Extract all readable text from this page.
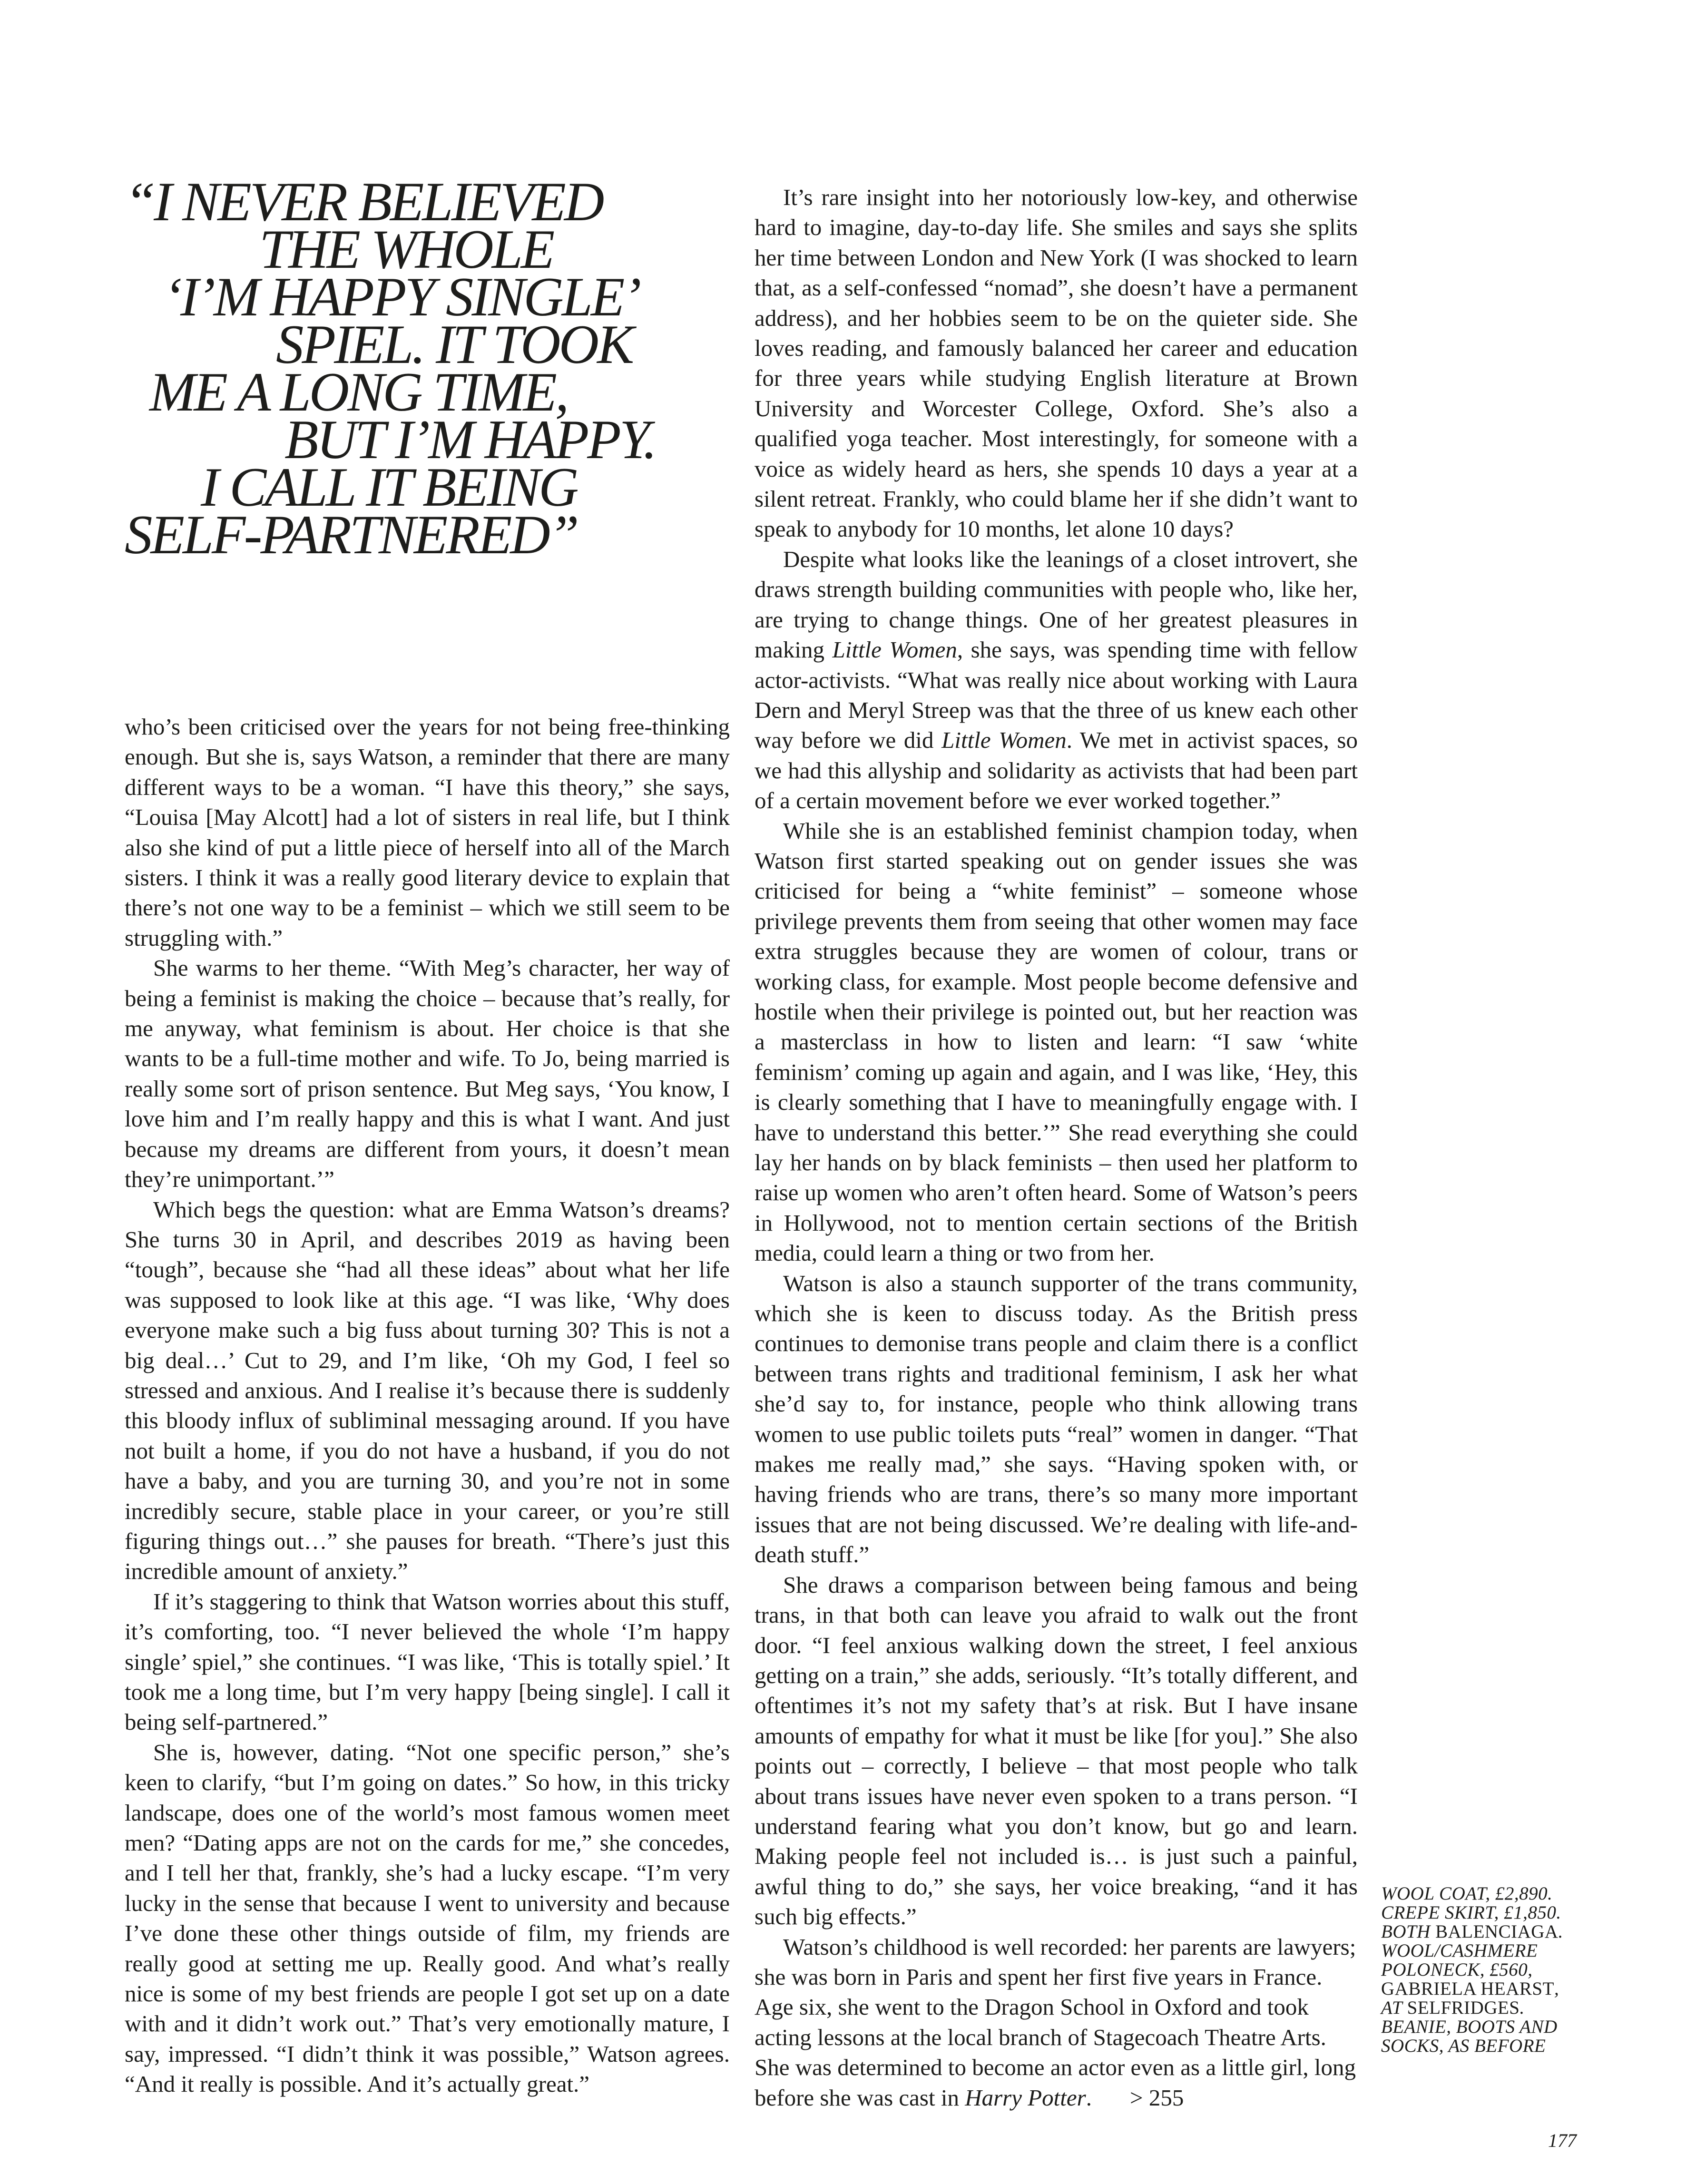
“I NEVER BELIEVED
THE WHOLE
‘I’M HAPPY SINGLE’
SPIEL. IT TOOK
ME A LONG TIME,
BUT I’M HAPPY.
I CALL IT BEING
SELF-PARTNERED”

who’s been criticised over the years for not being free-thinking enough. But she is, says Watson, a reminder that there are many different ways to be a woman. “I have this theory,” she says, “Louisa [May Alcott] had a lot of sisters in real life, but I think also she kind of put a little piece of herself into all of the March sisters. I think it was a really good literary device to explain that there’s not one way to be a feminist – which we still seem to be struggling with.”

She warms to her theme. “With Meg’s character, her way of being a feminist is making the choice – because that’s really, for me anyway, what feminism is about. Her choice is that she wants to be a full-time mother and wife. To Jo, being married is really some sort of prison sentence. But Meg says, ‘You know, I love him and I’m really happy and this is what I want. And just because my dreams are different from yours, it doesn’t mean they’re unimportant.’”

Which begs the question: what are Emma Watson’s dreams? She turns 30 in April, and describes 2019 as having been “tough”, because she “had all these ideas” about what her life was supposed to look like at this age. “I was like, ‘Why does everyone make such a big fuss about turning 30? This is not a big deal…’ Cut to 29, and I’m like, ‘Oh my God, I feel so stressed and anxious. And I realise it’s because there is suddenly this bloody influx of subliminal messaging around. If you have not built a home, if you do not have a husband, if you do not have a baby, and you are turning 30, and you’re not in some incredibly secure, stable place in your career, or you’re still figuring things out…” she pauses for breath. “There’s just this incredible amount of anxiety.”

If it’s staggering to think that Watson worries about this stuff, it’s comforting, too. “I never believed the whole ‘I’m happy single’ spiel,” she continues. “I was like, ‘This is totally spiel.’ It took me a long time, but I’m very happy [being single]. I call it being self-partnered.”

She is, however, dating. “Not one specific person,” she’s keen to clarify, “but I’m going on dates.” So how, in this tricky landscape, does one of the world’s most famous women meet men? “Dating apps are not on the cards for me,” she concedes, and I tell her that, frankly, she’s had a lucky escape. “I’m very lucky in the sense that because I went to university and because I’ve done these other things outside of film, my friends are really good at setting me up. Really good. And what’s really nice is some of my best friends are people I got set up on a date with and it didn’t work out.” That’s very emotionally mature, I say, impressed. “I didn’t think it was possible,” Watson agrees. “And it really is possible. And it’s actually great.”

It’s rare insight into her notoriously low-key, and otherwise hard to imagine, day-to-day life. She smiles and says she splits her time between London and New York (I was shocked to learn that, as a self-confessed “nomad”, she doesn’t have a permanent address), and her hobbies seem to be on the quieter side. She loves reading, and famously balanced her career and education for three years while studying English literature at Brown University and Worcester College, Oxford. She’s also a qualified yoga teacher. Most interestingly, for someone with a voice as widely heard as hers, she spends 10 days a year at a silent retreat. Frankly, who could blame her if she didn’t want to speak to anybody for 10 months, let alone 10 days?

Despite what looks like the leanings of a closet introvert, she draws strength building communities with people who, like her, are trying to change things. One of her greatest pleasures in making Little Women, she says, was spending time with fellow actor-activists. “What was really nice about working with Laura Dern and Meryl Streep was that the three of us knew each other way before we did Little Women. We met in activist spaces, so we had this allyship and solidarity as activists that had been part of a certain movement before we ever worked together.”

While she is an established feminist champion today, when Watson first started speaking out on gender issues she was criticised for being a “white feminist” – someone whose privilege prevents them from seeing that other women may face extra struggles because they are women of colour, trans or working class, for example. Most people become defensive and hostile when their privilege is pointed out, but her reaction was a masterclass in how to listen and learn: “I saw ‘white feminism’ coming up again and again, and I was like, ‘Hey, this is clearly something that I have to meaningfully engage with. I have to understand this better.’” She read everything she could lay her hands on by black feminists – then used her platform to raise up women who aren’t often heard. Some of Watson’s peers in Hollywood, not to mention certain sections of the British media, could learn a thing or two from her.

Watson is also a staunch supporter of the trans community, which she is keen to discuss today. As the British press continues to demonise trans people and claim there is a conflict between trans rights and traditional feminism, I ask her what she’d say to, for instance, people who think allowing trans women to use public toilets puts “real” women in danger. “That makes me really mad,” she says. “Having spoken with, or having friends who are trans, there’s so many more important issues that are not being discussed. We’re dealing with life-and-death stuff.”

She draws a comparison between being famous and being trans, in that both can leave you afraid to walk out the front door. “I feel anxious walking down the street, I feel anxious getting on a train,” she adds, seriously. “It’s totally different, and oftentimes it’s not my safety that’s at risk. But I have insane amounts of empathy for what it must be like [for you].” She also points out – correctly, I believe – that most people who talk about trans issues have never even spoken to a trans person. “I understand fearing what you don’t know, but go and learn. Making people feel not included is… is just such a painful, awful thing to do,” she says, her voice breaking, “and it has such big effects.”

Watson’s childhood is well recorded: her parents are lawyers; she was born in Paris and spent her first five years in France. Age six, she went to the Dragon School in Oxford and took acting lessons at the local branch of Stagecoach Theatre Arts. She was determined to become an actor even as a little girl, long before she was cast in Harry Potter. > 255

WOOL COAT, £2,890. CREPE SKIRT, £1,850. BOTH BALENCIAGA. WOOL/CASHMERE POLONECK, £560, GABRIELA HEARST, AT SELFRIDGES. BEANIE, BOOTS AND SOCKS, AS BEFORE
177
